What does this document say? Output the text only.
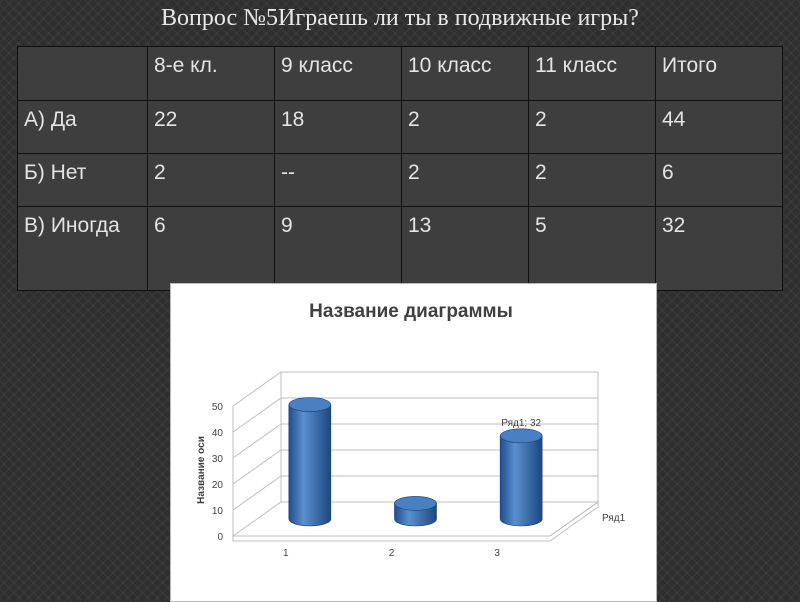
Вопрос №5Играешь ли ты в подвижные игры?
	8-е кл.	9 класс	10 класс	11 класс	Итого
А) Да	22	18	2	2	44
Б) Нет	2	--	2	2	6
В) Иногда	6	9	13	5	32
Название диаграммы
0
10
20
30
40
50
Ряд1; 32
Ряд1
1	2	3
Название оси
